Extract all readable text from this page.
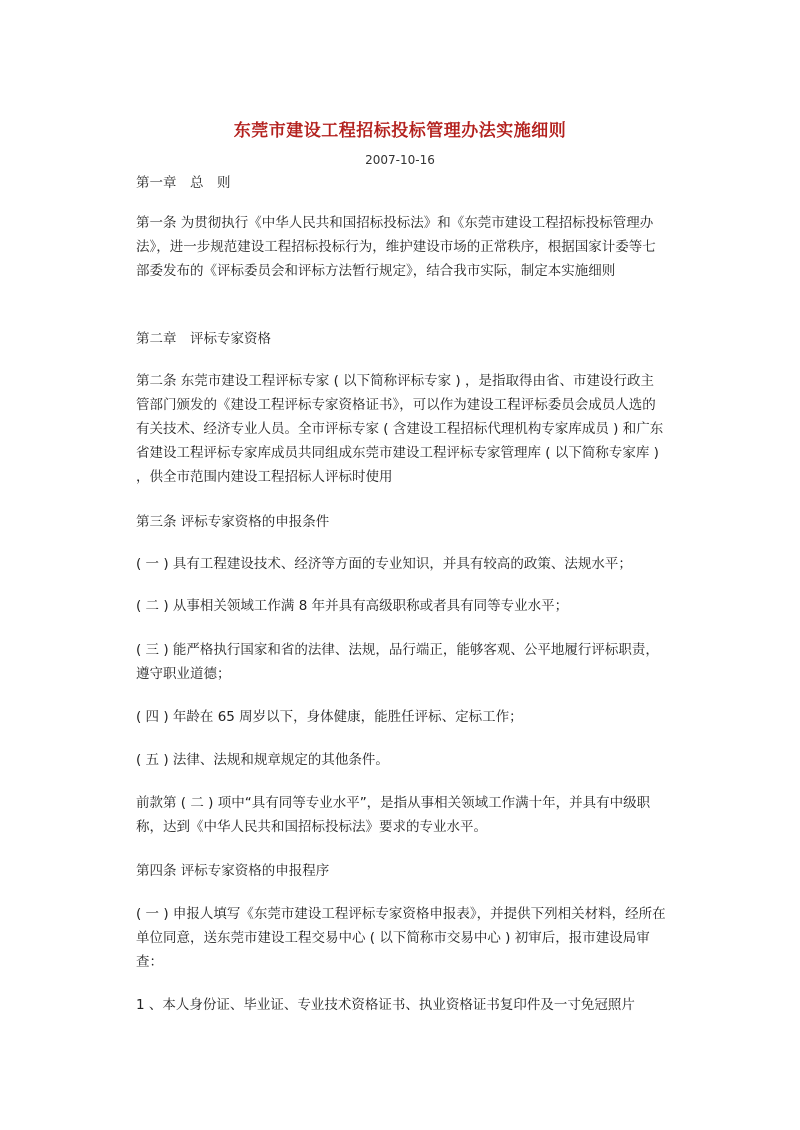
东莞市建设工程招标投标管理办法实施细则
2007-10-16

第一章　总　则

第一条 为贯彻执行《中华人民共和国招标投标法》和《东莞市建设工程招标投标管理办法》，进一步规范建设工程招标投标行为，维护建设市场的正常秩序，根据国家计委等七部委发布的《评标委员会和评标方法暂行规定》，结合我市实际，制定本实施细则

第二章　评标专家资格

第二条 东莞市建设工程评标专家 ( 以下简称评标专家 ) ，是指取得由省、市建设行政主管部门颁发的《建设工程评标专家资格证书》，可以作为建设工程评标委员会成员人选的有关技术、经济专业人员。全市评标专家 ( 含建设工程招标代理机构专家库成员 ) 和广东省建设工程评标专家库成员共同组成东莞市建设工程评标专家管理库 ( 以下简称专家库 ) ，供全市范围内建设工程招标人评标时使用

第三条 评标专家资格的申报条件

( 一 ) 具有工程建设技术、经济等方面的专业知识，并具有较高的政策、法规水平；

( 二 ) 从事相关领域工作满 8 年并具有高级职称或者具有同等专业水平；

( 三 ) 能严格执行国家和省的法律、法规，品行端正，能够客观、公平地履行评标职责，遵守职业道德；

( 四 ) 年龄在 65 周岁以下，身体健康，能胜任评标、定标工作；

( 五 ) 法律、法规和规章规定的其他条件。

前款第 ( 二 ) 项中“具有同等专业水平”，是指从事相关领域工作满十年，并具有中级职称，达到《中华人民共和国招标投标法》要求的专业水平。

第四条 评标专家资格的申报程序

( 一 ) 申报人填写《东莞市建设工程评标专家资格申报表》，并提供下列相关材料，经所在单位同意，送东莞市建设工程交易中心 ( 以下简称市交易中心 ) 初审后，报市建设局审查：

1 、本人身份证、毕业证、专业技术资格证书、执业资格证书复印件及一寸免冠照片
